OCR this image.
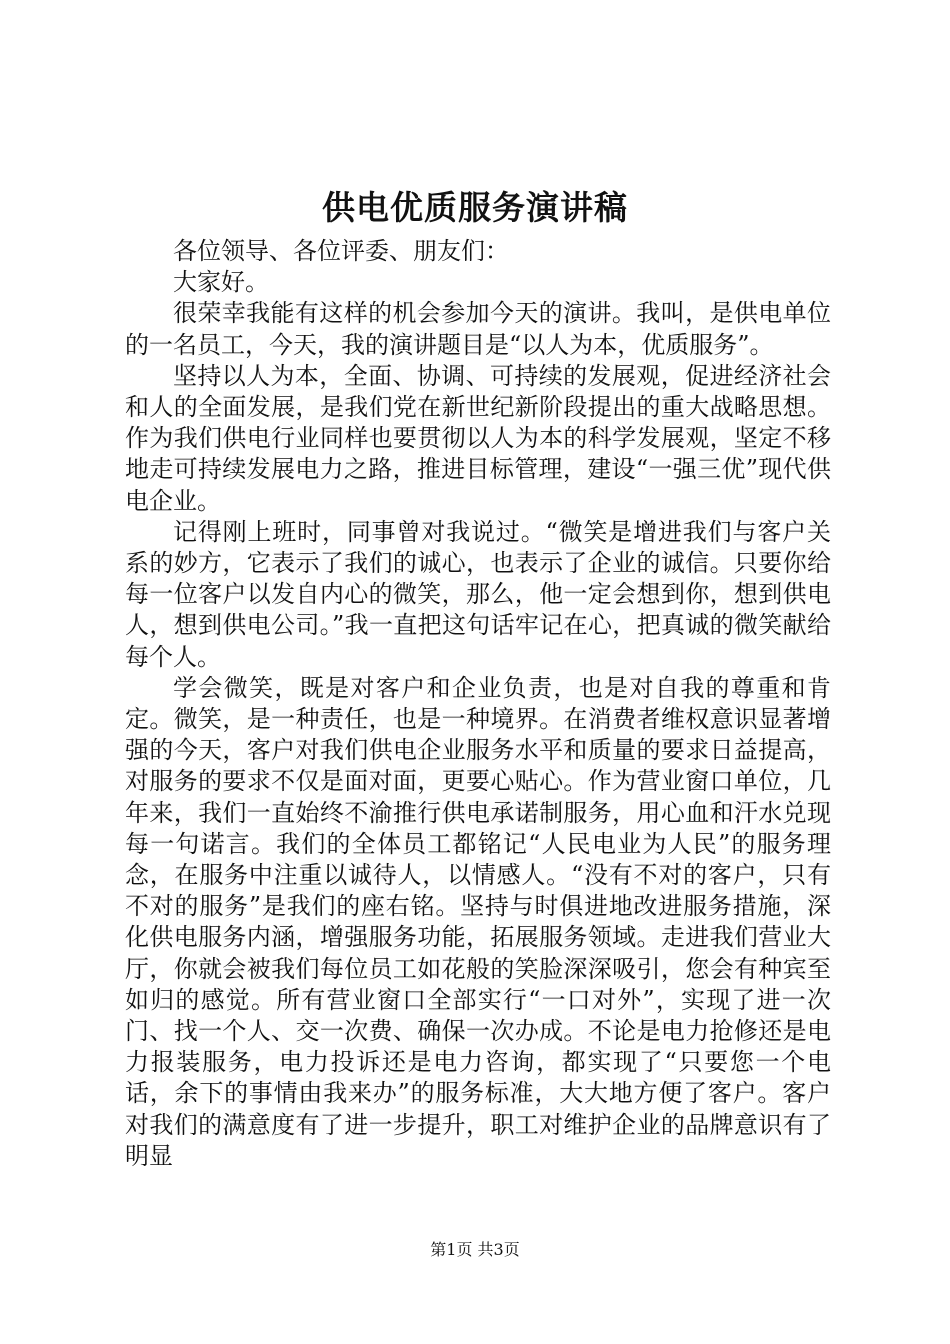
供电优质服务演讲稿

各位领导、各位评委、朋友们：

大家好。

很荣幸我能有这样的机会参加今天的演讲。我叫，是供电单位的一名员工，今天，我的演讲题目是“以人为本，优质服务”。

坚持以人为本，全面、协调、可持续的发展观，促进经济社会和人的全面发展，是我们党在新世纪新阶段提出的重大战略思想。作为我们供电行业同样也要贯彻以人为本的科学发展观，坚定不移地走可持续发展电力之路，推进目标管理，建设“一强三优”现代供电企业。

记得刚上班时，同事曾对我说过。“微笑是增进我们与客户关系的妙方，它表示了我们的诚心，也表示了企业的诚信。只要你给每一位客户以发自内心的微笑，那么，他一定会想到你，想到供电人，想到供电公司。”我一直把这句话牢记在心，把真诚的微笑献给每个人。

学会微笑，既是对客户和企业负责，也是对自我的尊重和肯定。微笑，是一种责任，也是一种境界。在消费者维权意识显著增强的今天，客户对我们供电企业服务水平和质量的要求日益提高，对服务的要求不仅是面对面，更要心贴心。作为营业窗口单位，几年来，我们一直始终不渝推行供电承诺制服务，用心血和汗水兑现每一句诺言。我们的全体员工都铭记“人民电业为人民”的服务理念，在服务中注重以诚待人，以情感人。“没有不对的客户，只有不对的服务”是我们的座右铭。坚持与时俱进地改进服务措施，深化供电服务内涵，增强服务功能，拓展服务领域。走进我们营业大厅，你就会被我们每位员工如花般的笑脸深深吸引，您会有种宾至如归的感觉。所有营业窗口全部实行“一口对外”，实现了进一次门、找一个人、交一次费、确保一次办成。不论是电力抢修还是电力报装服务，电力投诉还是电力咨询，都实现了“只要您一个电话，余下的事情由我来办”的服务标准，大大地方便了客户。客户对我们的满意度有了进一步提升，职工对维护企业的品牌意识有了明显

第1页 共3页
